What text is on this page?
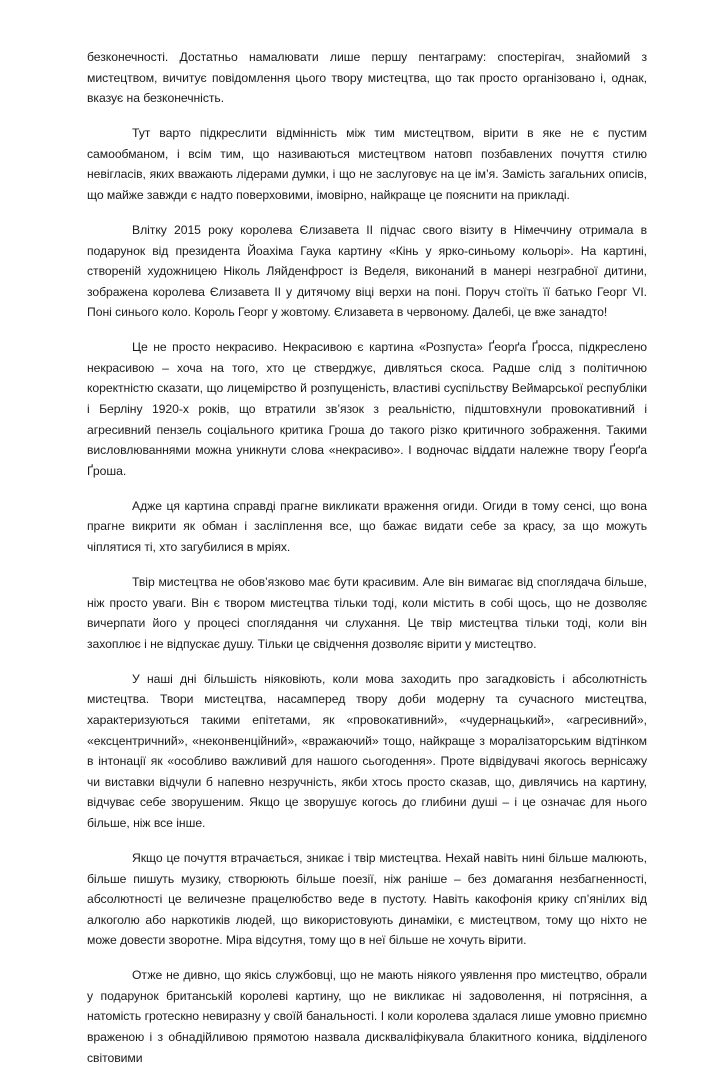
безконечності. Достатньо намалювати лише першу пентаграму: спостерігач, знайомий з мистецтвом, вичитує повідомлення цього твору мистецтва, що так просто організовано і, однак, вказує на безконечність.

Тут варто підкреслити відмінність між тим мистецтвом, вірити в яке не є пустим самообманом, і всім тим, що називаються мистецтвом натовп позбавлених почуття стилю невігласів, яких вважають лідерами думки, і що не заслуговує на це ім’я. Замість загальних описів, що майже завжди є надто поверховими, імовірно, найкраще це пояснити на прикладі.

Влітку 2015 року королева Єлизавета II підчас свого візиту в Німеччину отримала в подарунок від президента Йоахіма Гаука картину «Кінь у ярко-синьому кольорі». На картині, створеній художницею Ніколь Ляйденфрост із Веделя, виконаний в манері незграбної дитини, зображена королева Єлизавета II у дитячому віці верхи на поні. Поруч стоїть її батько Георг VI. Поні синього коло. Король Георг у жовтому. Єлизавета в червоному. Далебі, це вже занадто!

Це не просто некрасиво. Некрасивою є картина «Розпуста» Ґеорґа Ґросса, підкреслено некрасивою – хоча на того, хто це стверджує, дивляться скоса. Радше слід з політичною коректністю сказати, що лицемірство й розпущеність, властиві суспільству Веймарської республіки і Берліну 1920-х років, що втратили зв’язок з реальністю, підштовхнули провокативний і агресивний пензель соціального критика Гроша до такого різко критичного зображення. Такими висловлюваннями можна уникнути слова «некрасиво». І водночас віддати належне твору Ґеорґа Ґроша.

Адже ця картина справді прагне викликати враження огиди. Огиди в тому сенсі, що вона прагне викрити як обман і засліплення все, що бажає видати себе за красу, за що можуть чіплятися ті, хто загубилися в мріях.

Твір мистецтва не обов’язково має бути красивим. Але він вимагає від споглядача більше, ніж просто уваги. Він є твором мистецтва тільки тоді, коли містить в собі щось, що не дозволяє вичерпати його у процесі споглядання чи слухання. Це твір мистецтва тільки тоді, коли він захоплює і не відпускає душу. Тільки це свідчення дозволяє вірити у мистецтво.

У наші дні більшість ніяковіють, коли мова заходить про загадковість і абсолютність мистецтва. Твори мистецтва, насамперед твору доби модерну та сучасного мистецтва, характеризуються такими епітетами, як «провокативний», «чудернацький», «агресивний», «ексцентричний», «неконвенційний», «вражаючий» тощо, найкраще з моралізаторським відтінком в інтонації як «особливо важливий для нашого сьогодення». Проте відвідувачі якогось вернісажу чи виставки відчули б напевно незручність, якби хтось просто сказав, що, дивлячись на картину, відчуває себе зворушеним. Якщо це зворушує когось до глибини душі – і це означає для нього більше, ніж все інше.

Якщо це почуття втрачається, зникає і твір мистецтва. Нехай навіть нині більше малюють, більше пишуть музику, створюють більше поезії, ніж раніше – без домагання незбагненності, абсолютності це величезне працелюбство веде в пустоту. Навіть какофонія крику сп’янілих від алкоголю або наркотиків людей, що використовують динаміки, є мистецтвом, тому що ніхто не може довести зворотне. Міра відсутня, тому що в неї більше не хочуть вірити.

Отже не дивно, що якісь службовці, що не мають ніякого уявлення про мистецтво, обрали у подарунок британській королеві картину, що не викликає ні задоволення, ні потрясіння, а натомість гротескно невиразну у своїй банальності. І коли королева здалася лише умовно приємно враженою і з обнадійливою прямотою назвала дискваліфікувала блакитного коника, відділеного світовими
